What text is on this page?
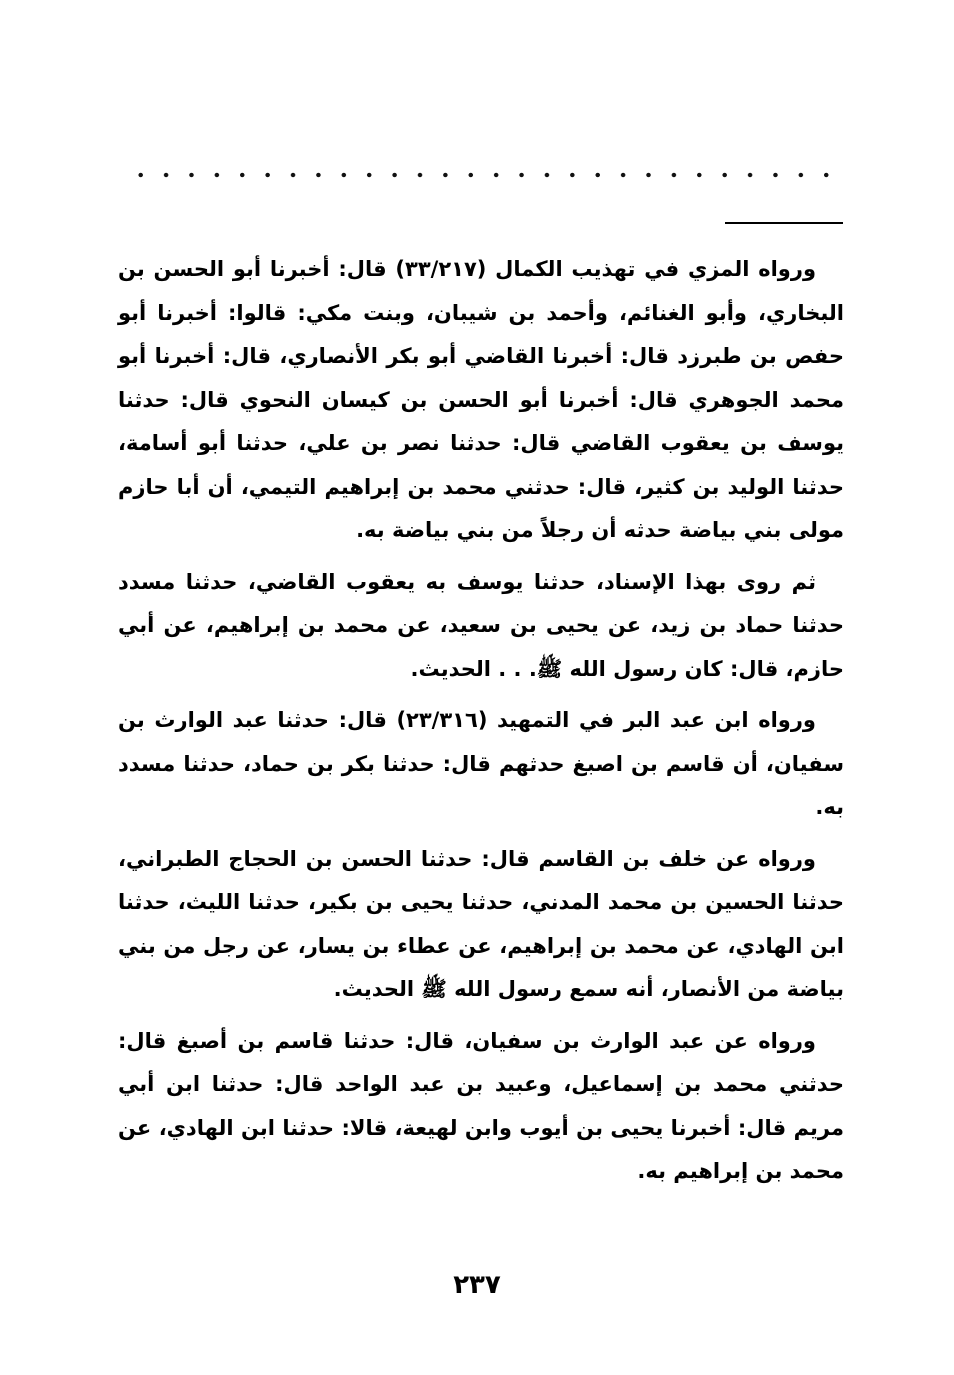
ورواه المزي في تهذيب الكمال (٣٣/٢١٧) قال: أخبرنا أبو الحسن بن البخاري، وأبو الغنائم، وأحمد بن شيبان، وبنت مكي: قالوا: أخبرنا أبو حفص بن طبرزد قال: أخبرنا القاضي أبو بكر الأنصاري، قال: أخبرنا أبو محمد الجوهري قال: أخبرنا أبو الحسن بن كيسان النحوي قال: حدثنا يوسف بن يعقوب القاضي قال: حدثنا نصر بن علي، حدثنا أبو أسامة، حدثنا الوليد بن كثير، قال: حدثني محمد بن إبراهيم التيمي، أن أبا حازم مولى بني بياضة حدثه أن رجلاً من بني بياضة به.

ثم روى بهذا الإسناد، حدثنا يوسف به يعقوب القاضي، حدثنا مسدد حدثنا حماد بن زيد، عن يحيى بن سعيد، عن محمد بن إبراهيم، عن أبي حازم، قال: كان رسول الله ﷺ. . . الحديث.

ورواه ابن عبد البر في التمهيد (٢٣/٣١٦) قال: حدثنا عبد الوارث بن سفيان، أن قاسم بن اصبغ حدثهم قال: حدثنا بكر بن حماد، حدثنا مسدد به.

ورواه عن خلف بن القاسم قال: حدثنا الحسن بن الحجاج الطبراني، حدثنا الحسين بن محمد المدني، حدثنا يحيى بن بكير، حدثنا الليث، حدثنا ابن الهادي، عن محمد بن إبراهيم، عن عطاء بن يسار، عن رجل من بني بياضة من الأنصار، أنه سمع رسول الله ﷺ الحديث.

ورواه عن عبد الوارث بن سفيان، قال: حدثنا قاسم بن أصبغ قال: حدثني محمد بن إسماعيل، وعبيد بن عبد الواحد قال: حدثنا ابن أبي مريم قال: أخبرنا يحيى بن أيوب وابن لهيعة، قالا: حدثنا ابن الهادي، عن محمد بن إبراهيم به.

٢٣٧
